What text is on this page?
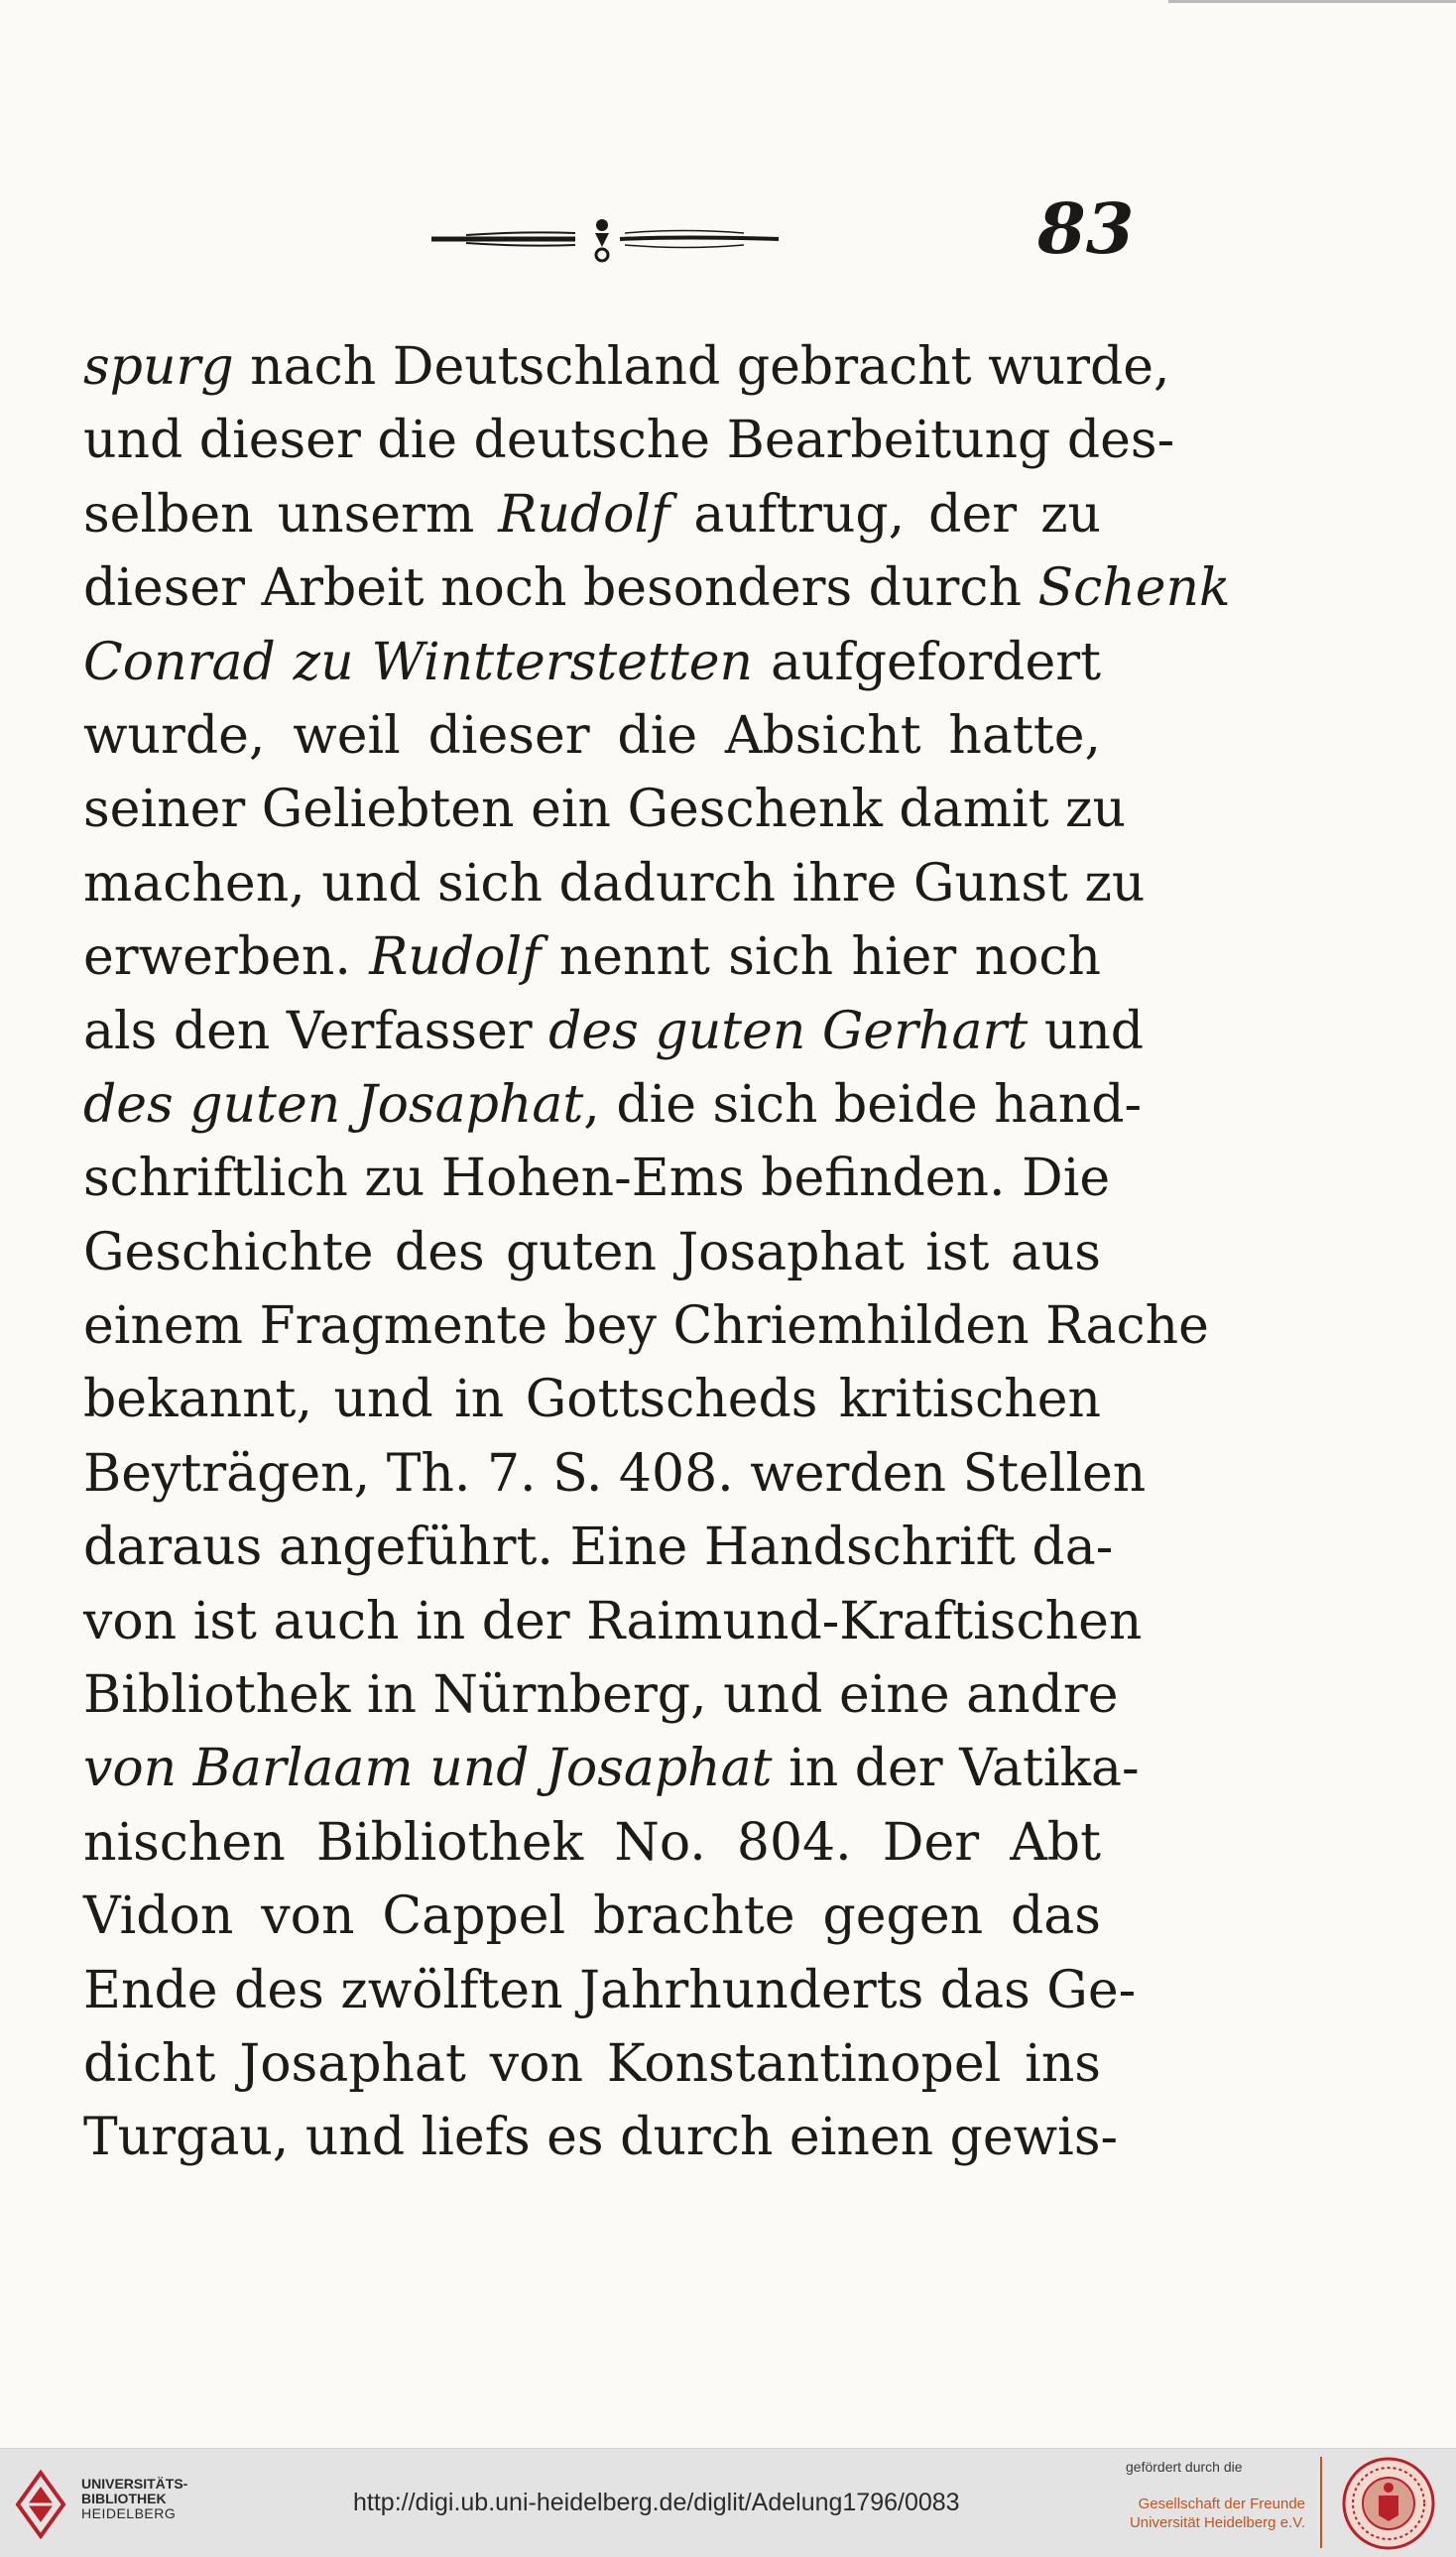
83
spurg nach Deutschland gebracht wurde,
und dieser die deutsche Bearbeitung des-
selben unserm Rudolf auftrug, der zu
dieser Arbeit noch besonders durch Schenk
Conrad zu Wintterstetten aufgefordert
wurde, weil dieser die Absicht hatte,
seiner Geliebten ein Geschenk damit zu
machen, und sich dadurch ihre Gunst zu
erwerben. Rudolf nennt sich hier noch
als den Verfasser des guten Gerhart und
des guten Josaphat, die sich beide hand-
schriftlich zu Hohen-Ems befinden. Die
Geschichte des guten Josaphat ist aus
einem Fragmente bey Chriemhilden Rache
bekannt, und in Gottscheds kritischen
Beyträgen, Th. 7. S. 408. werden Stellen
daraus angeführt. Eine Handschrift da-
von ist auch in der Raimund-Kraftischen
Bibliothek in Nürnberg, und eine andre
von Barlaam und Josaphat in der Vatika-
nischen Bibliothek No. 804. Der Abt
Vidon von Cappel brachte gegen das
Ende des zwölften Jahrhunderts das Ge-
dicht Josaphat von Konstantinopel ins
Turgau, und liefs es durch einen gewis-
UNIVERSITÄTS-
BIBLIOTHEK
HEIDELBERG	http://digi.ub.uni-heidelberg.de/diglit/Adelung1796/0083
gefördert durch die
Gesellschaft der Freunde
Universität Heidelberg e.V.
